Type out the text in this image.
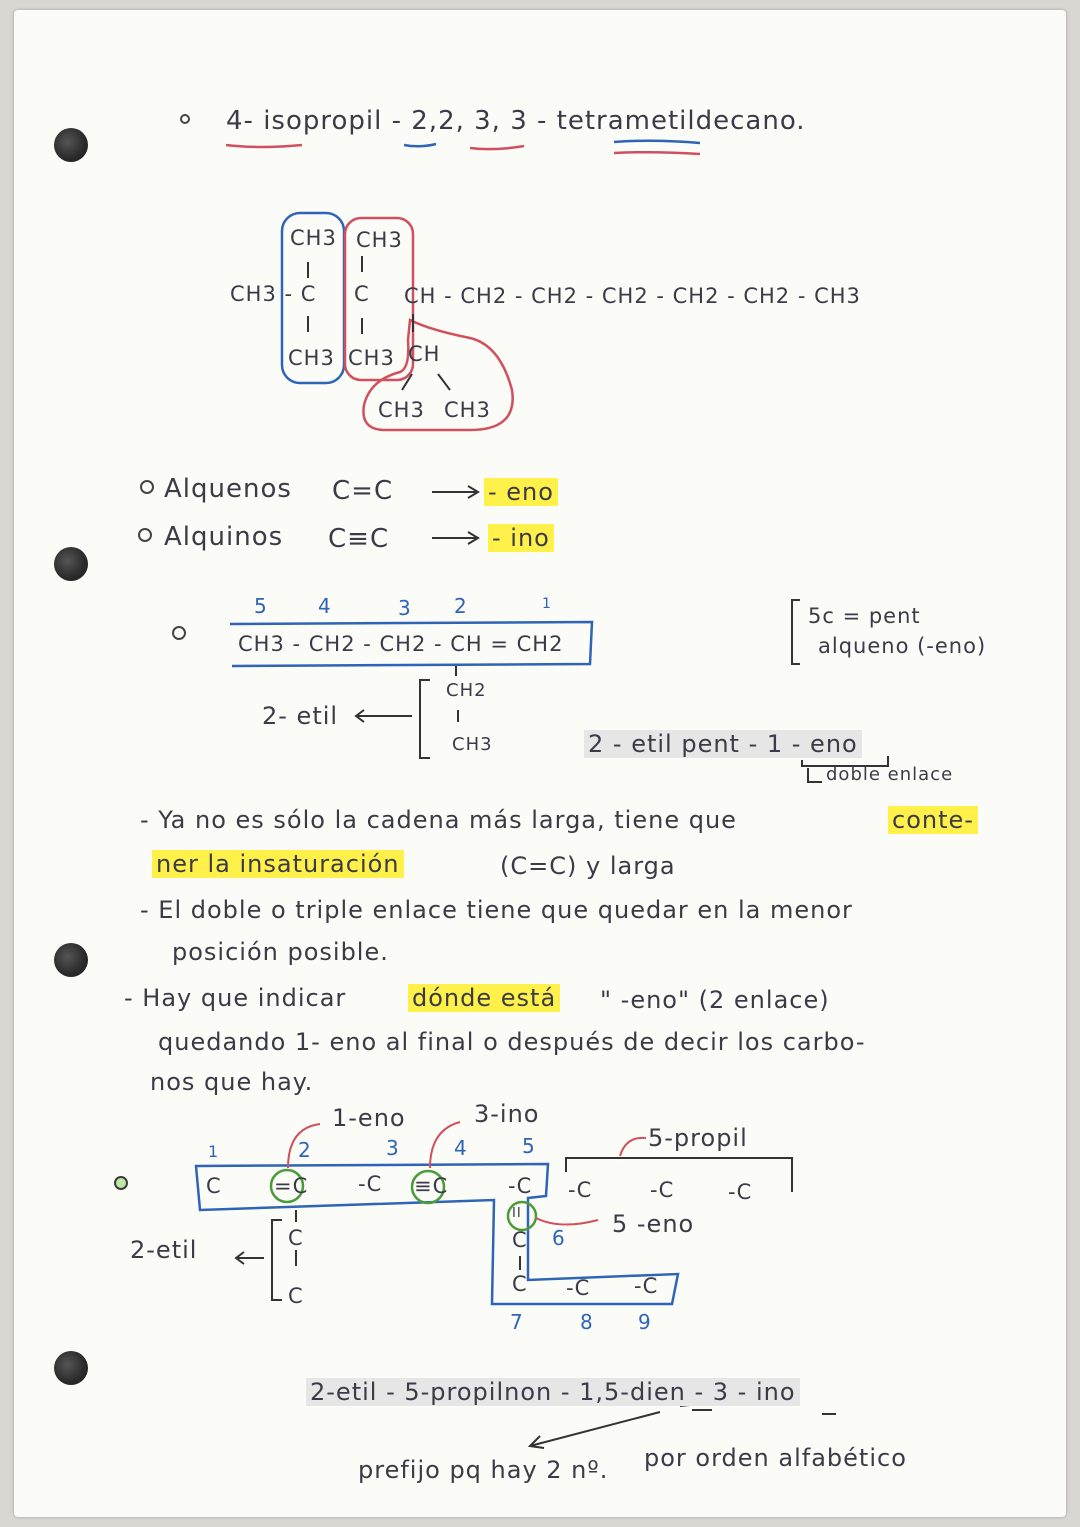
4- isopropil - 2,2, 3, 3 - tetrametildecano.
CH3 CH3
CH3 - C C CH - CH2 - CH2 - CH2 - CH2 - CH2 - CH3
CH3 CH3 CH
CH3 CH3
Alquenos C=C	- eno
Alquinos C≡C	- ino
5	4	3 2	1
CH3 - CH2 - CH2 - CH = CH2
CH2
CH3
2- etil
5c = pent
alqueno (-eno)
2 - etil pent - 1 - eno
doble enlace
- Ya no es sólo la cadena más larga, tiene que	conte-
ner la insaturación	(C=C) y larga
- El doble o triple enlace tiene que quedar en la menor
posición posible.
- Hay que indicar	dónde está " -eno" (2 enlace)
quedando 1- eno al final o después de decir los carbo-
nos que hay.
1-eno	3-ino
5-propil
5 -eno
2-etil
1	2	3	4	5
6
7	8 9
C =C -C ≡C	-C -C	-C	-C
II
C
C -C -C
C
C
2-etil - 5-propilnon - 1,5-dien - 3 - ino
prefijo pq hay 2 nº. por orden alfabético
